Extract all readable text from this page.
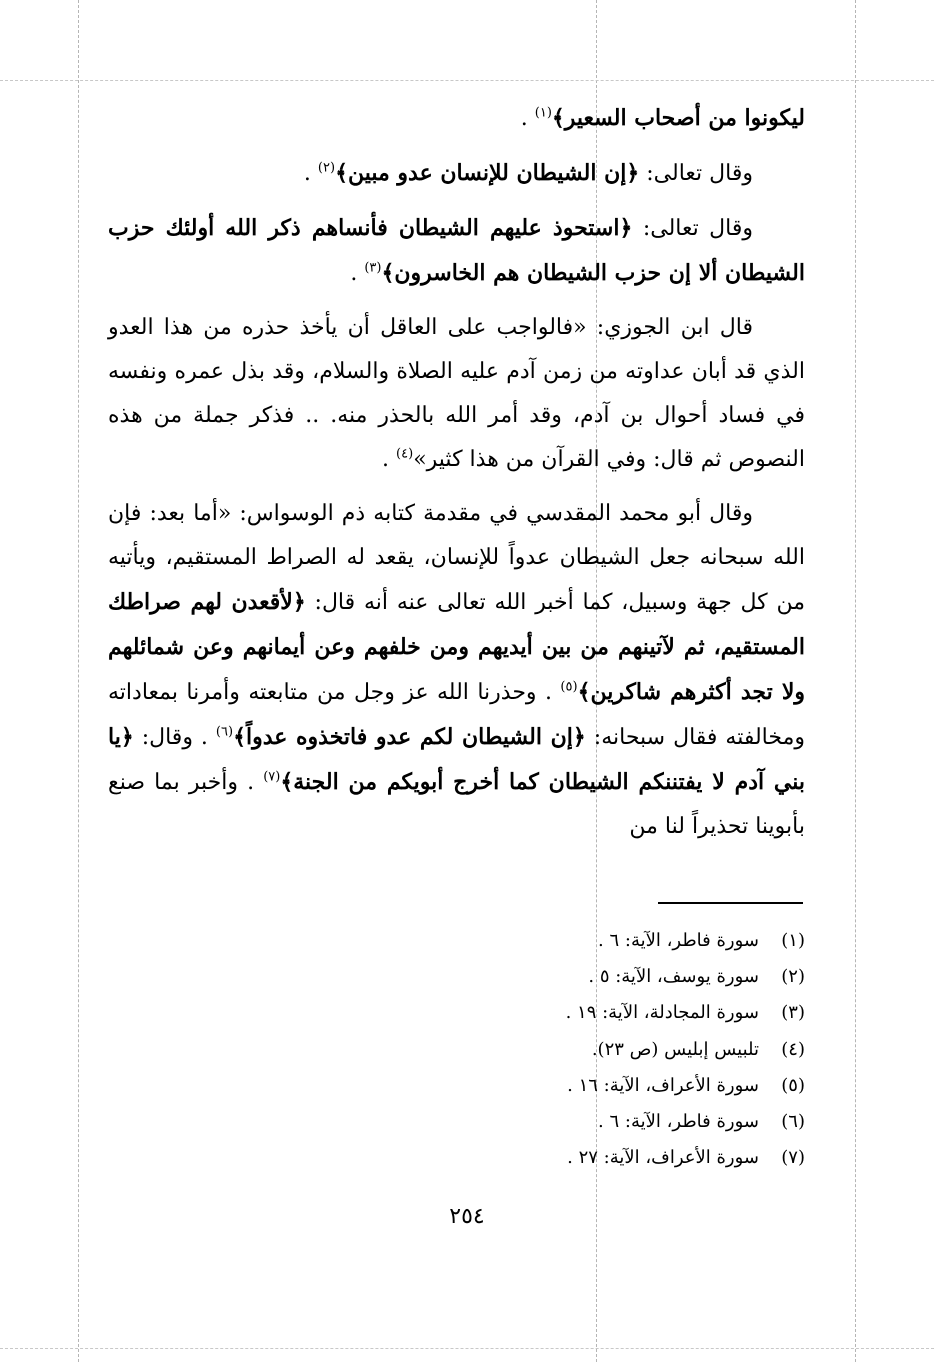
ليكونوا من أصحاب السعير﴾$^{(١)}$ .

وقال تعالى: ﴿إن الشيطان للإنسان عدو مبين﴾$^{(٢)}$ .

وقال تعالى: ﴿استحوذ عليهم الشيطان فأنساهم ذكر الله أولئك حزب الشيطان ألا إن حزب الشيطان هم الخاسرون﴾$^{(٣)}$ .

قال ابن الجوزي: «فالواجب على العاقل أن يأخذ حذره من هذا العدو الذي قد أبان عداوته من زمن آدم عليه الصلاة والسلام، وقد بذل عمره ونفسه في فساد أحوال بن آدم، وقد أمر الله بالحذر منه. .. فذكر جملة من هذه النصوص ثم قال: وفي القرآن من هذا كثير»$^{(٤)}$ .

وقال أبو محمد المقدسي في مقدمة كتابه ذم الوسواس: «أما بعد: فإن الله سبحانه جعل الشيطان عدواً للإنسان، يقعد له الصراط المستقيم، ويأتيه من كل جهة وسبيل، كما أخبر الله تعالى عنه أنه قال: ﴿لأقعدن لهم صراطك المستقيم، ثم لآتينهم من بين أيديهم ومن خلفهم وعن أيمانهم وعن شمائلهم ولا تجد أكثرهم شاكرين﴾$^{(٥)}$ . وحذرنا الله عز وجل من متابعته وأمرنا بمعاداته ومخالفته فقال سبحانه: ﴿إن الشيطان لكم عدو فاتخذوه عدواً﴾$^{(٦)}$ . وقال: ﴿يا بني آدم لا يفتننكم الشيطان كما أخرج أبويكم من الجنة﴾$^{(٧)}$ . وأخبر بما صنع بأبوينا تحذيراً لنا من

(١)
سورة فاطر، الآية: ٦ .
(٢)
سورة يوسف، الآية: ٥ .
(٣)
سورة المجادلة، الآية: ١٩ .
(٤)
تلبيس إبليس (ص ٢٣).
(٥)
سورة الأعراف، الآية: ١٦ .
(٦)
سورة فاطر، الآية: ٦ .
(٧)
سورة الأعراف، الآية: ٢٧ .
٢٥٤
